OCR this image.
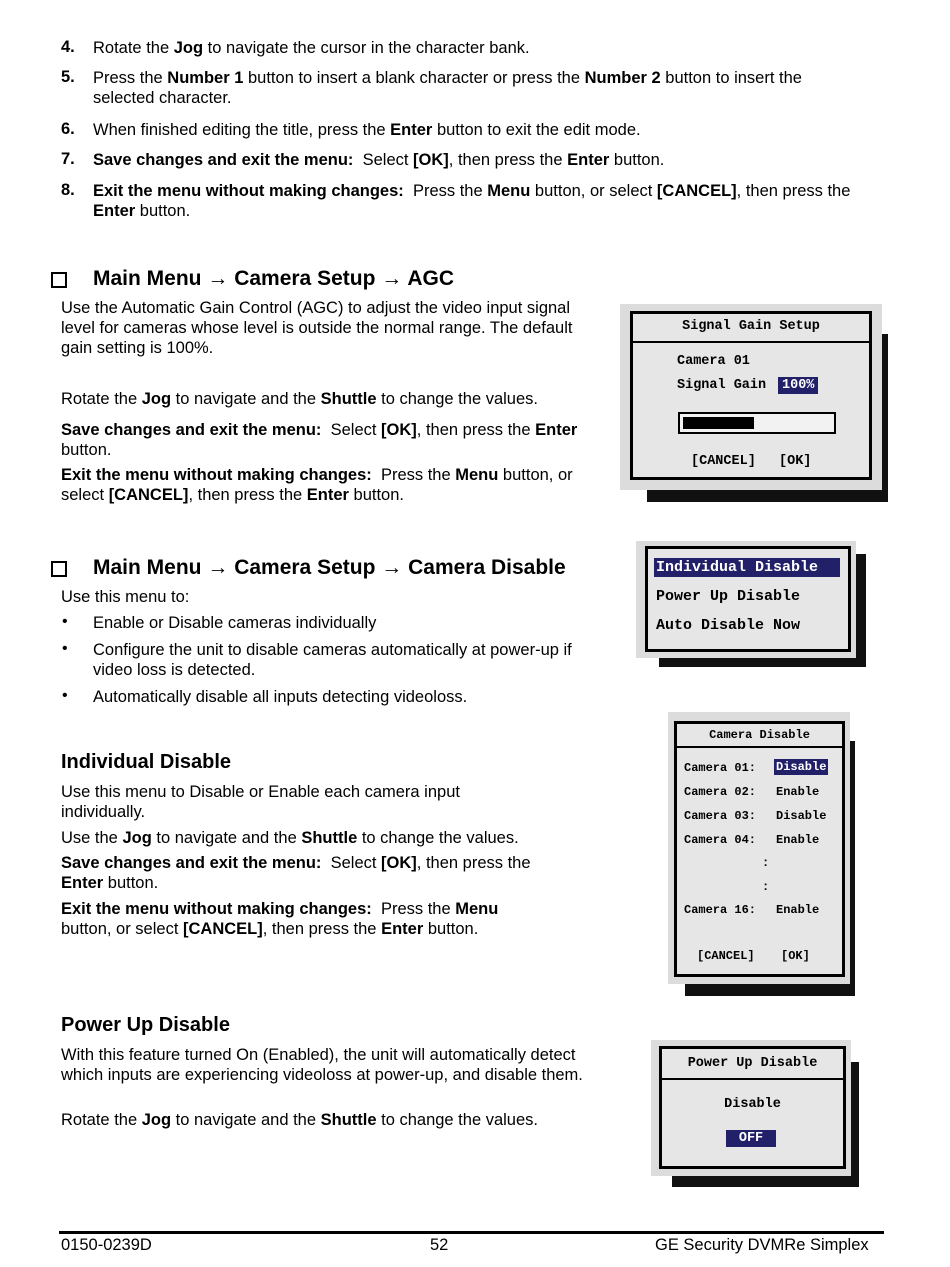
4. Rotate the Jog to navigate the cursor in the character bank.
5. Press the Number 1 button to insert a blank character or press the Number 2 button to insert the selected character.
6. When finished editing the title, press the Enter button to exit the edit mode.
7. Save changes and exit the menu:  Select [OK], then press the Enter button.
8. Exit the menu without making changes:  Press the Menu button, or select [CANCEL], then press the Enter button.
Main Menu → Camera Setup → AGC
Use the Automatic Gain Control (AGC) to adjust the video input signal level for cameras whose level is outside the normal range. The default gain setting is 100%.
Rotate the Jog to navigate and the Shuttle to change the values.
Save changes and exit the menu:  Select [OK], then press the Enter button.
Exit the menu without making changes:  Press the Menu button, or select [CANCEL], then press the Enter button.
Signal Gain Setup
Camera 01
Signal Gain 100%
[CANCEL] [OK]
Main Menu → Camera Setup → Camera Disable
Use this menu to:
• Enable or Disable cameras individually
• Configure the unit to disable cameras automatically at power-up if video loss is detected.
• Automatically disable all inputs detecting videoloss.
Individual Disable
Power Up Disable
Auto Disable Now
Individual Disable
Use this menu to Disable or Enable each camera input individually.
Use the Jog to navigate and the Shuttle to change the values.
Save changes and exit the menu:  Select [OK], then press the Enter button.
Exit the menu without making changes:  Press the Menu button, or select [CANCEL], then press the Enter button.
Camera Disable
Camera 01: Disable
Camera 02: Enable
Camera 03: Disable
Camera 04: Enable
:
:
Camera 16: Enable
[CANCEL] [OK]
Power Up Disable
With this feature turned On (Enabled), the unit will automatically detect which inputs are experiencing videoloss at power-up, and disable them.
Rotate the Jog to navigate and the Shuttle to change the values.
Power Up Disable
Disable
OFF
0150-0239D	52	GE Security DVMRe Simplex
